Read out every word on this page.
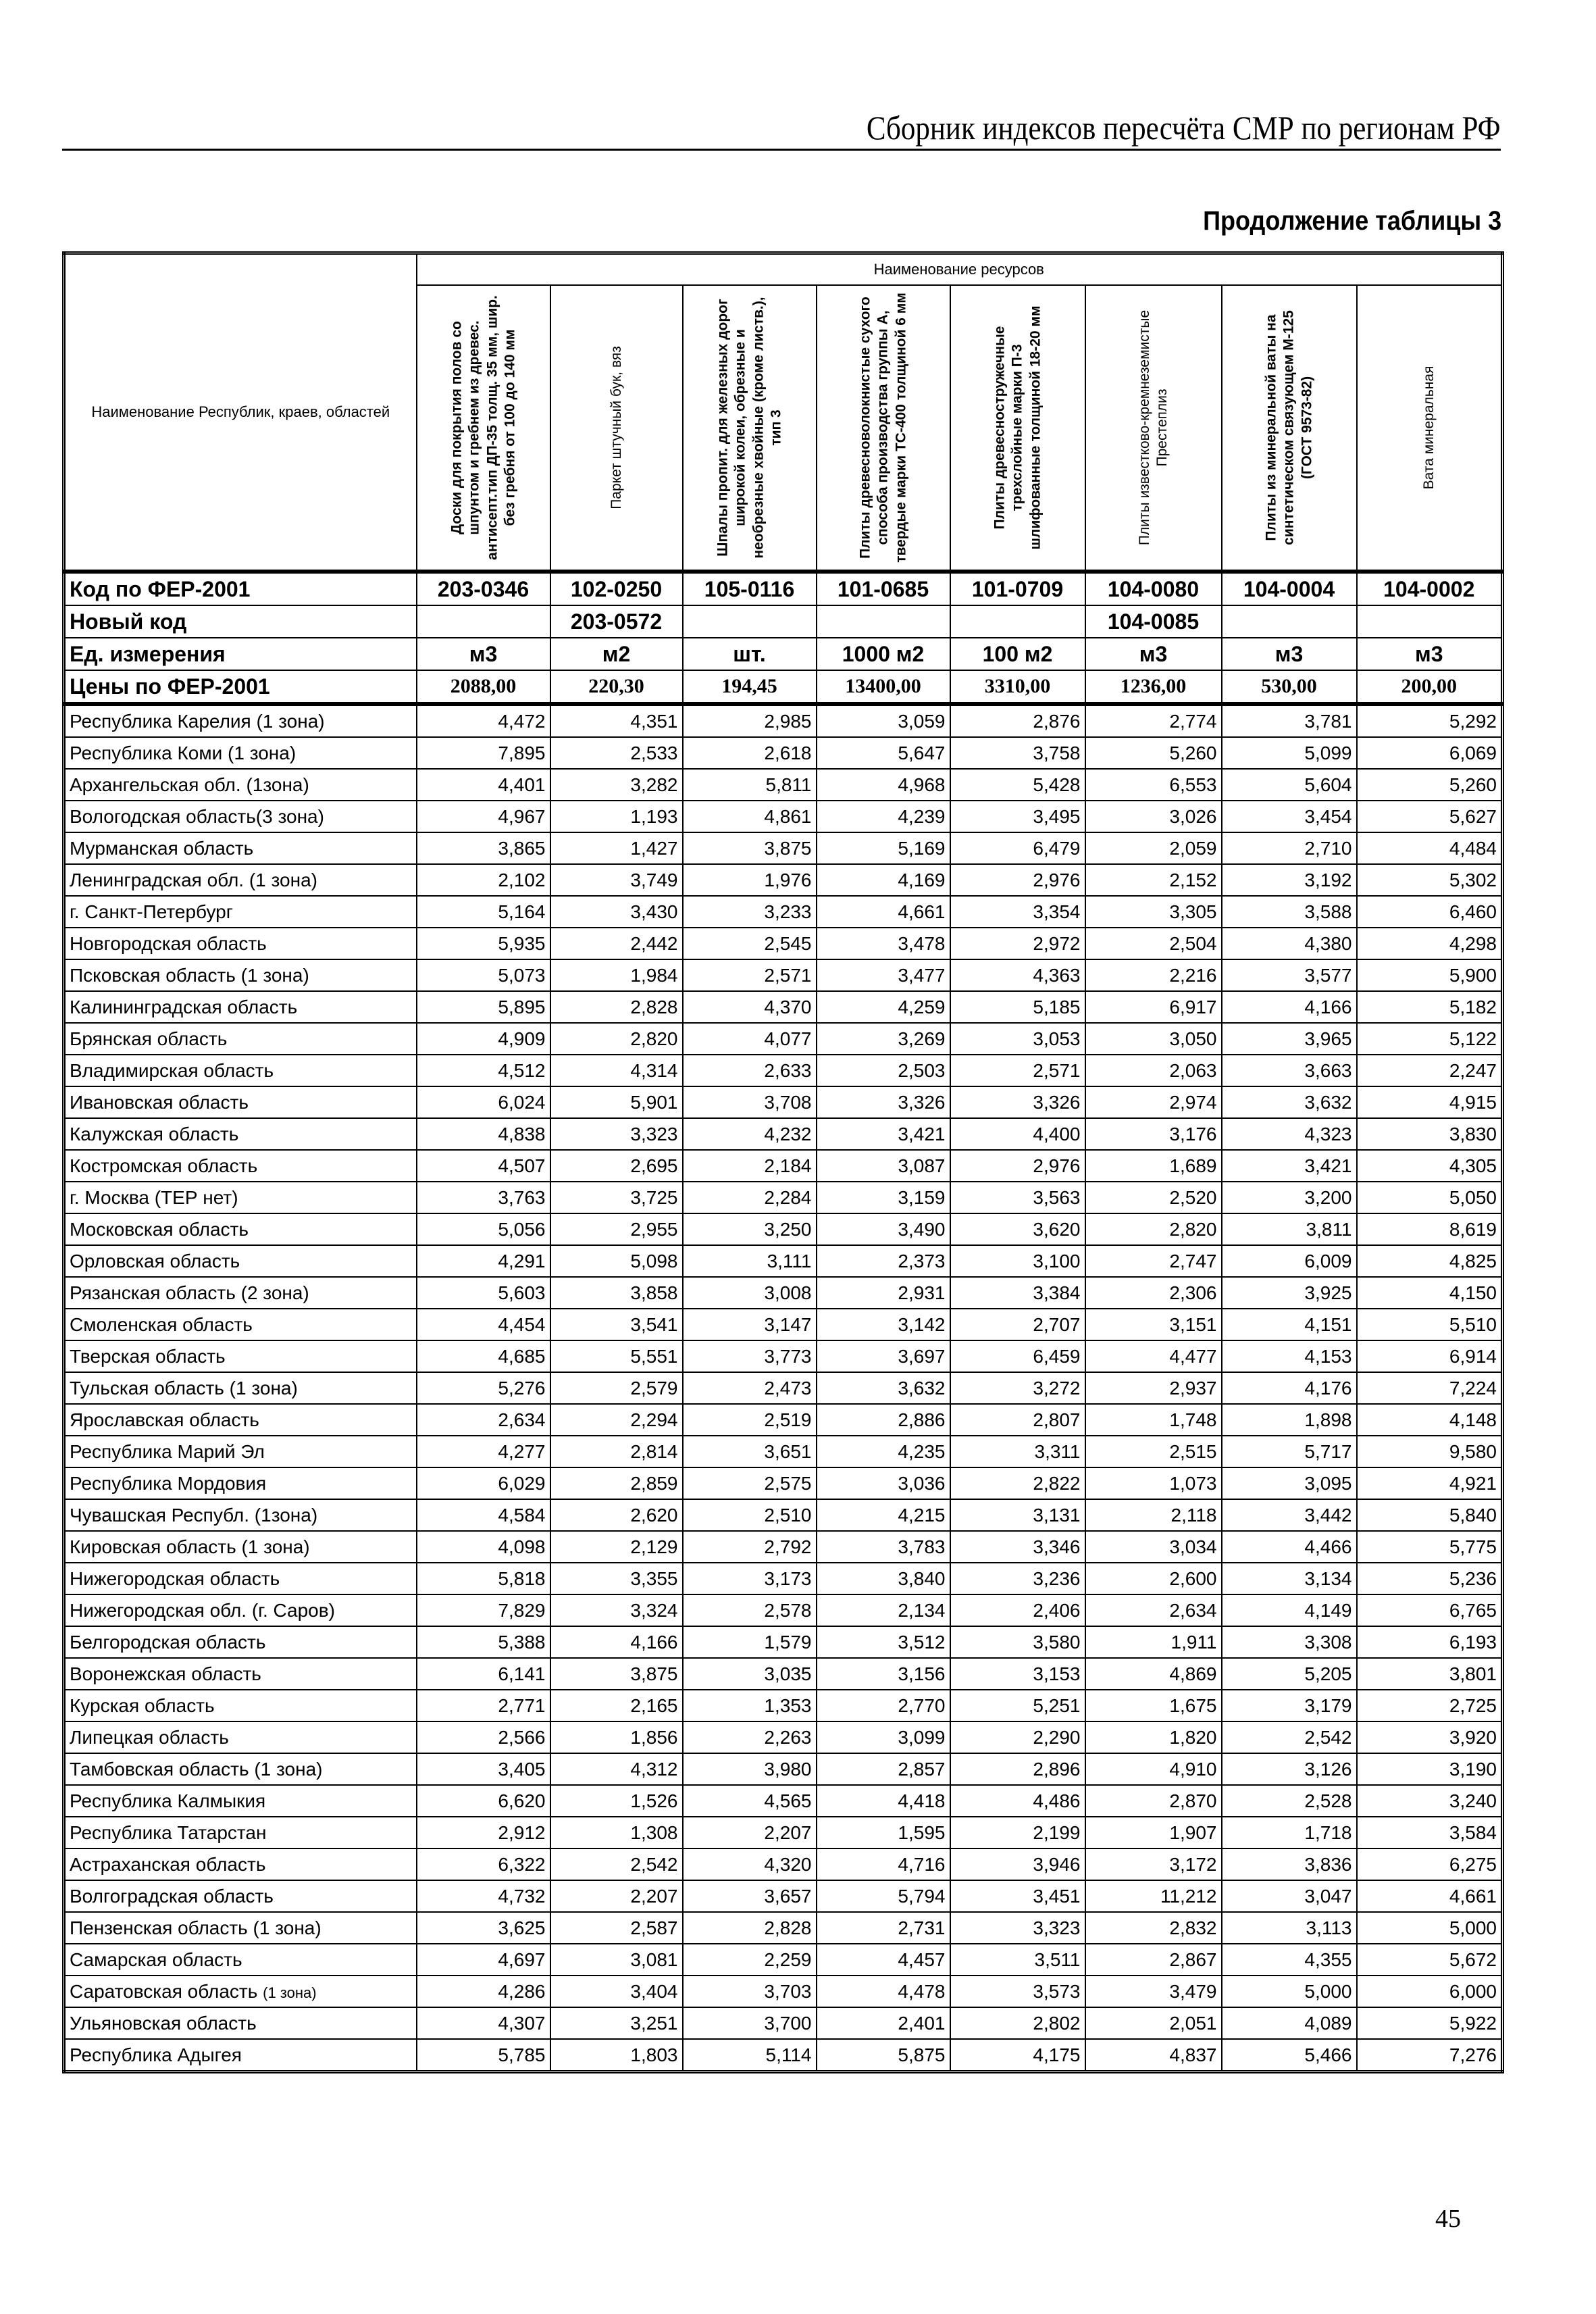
Сборник индексов пересчёта СМР по регионам РФ
Продолжение таблицы 3
Наименование Республик, краев, областей	Наименование ресурсов							

	Доски для покрытия полов со шпунтом и гребнем из древес. антисепт.тип ДП-35 толщ. 35 мм, шир. без гребня от 100 до 140 мм	Паркет штучный бук, вяз	Шпалы пропит. для железных дорог широкой колеи, обрезные и необрезные хвойные (кроме листв.), тип 3	Плиты древесноволокнистые сухого способа производства группы А, твердые марки ТС-400 толщиной 6 мм	Плиты древесностружечные трехслойные марки П-3 шлифованные толщиной 18-20 мм	Плиты известково-кремнеземистые Престеплиз	Плиты из минеральной ваты на синтетическом связующем М-125 (ГОСТ 9573-82)	Вата минеральная

Код по ФЕР-2001	203-0346	102-0250	105-0116	101-0685	101-0709	104-0080	104-0004	104-0002
Новый код		203-0572				104-0085		
Ед. измерения	м3	м2	шт.	1000 м2	100 м2	м3	м3	м3
Цены по ФЕР-2001	2088,00	220,30	194,45	13400,00	3310,00	1236,00	530,00	200,00
Республика Карелия (1 зона)	4,472	4,351	2,985	3,059	2,876	2,774	3,781	5,292
Республика Коми (1 зона)	7,895	2,533	2,618	5,647	3,758	5,260	5,099	6,069
Архангельская обл. (1зона)	4,401	3,282	5,811	4,968	5,428	6,553	5,604	5,260
Вологодская область(3 зона)	4,967	1,193	4,861	4,239	3,495	3,026	3,454	5,627
Мурманская область	3,865	1,427	3,875	5,169	6,479	2,059	2,710	4,484
Ленинградская обл. (1 зона)	2,102	3,749	1,976	4,169	2,976	2,152	3,192	5,302
г. Санкт-Петербург	5,164	3,430	3,233	4,661	3,354	3,305	3,588	6,460
Новгородская область	5,935	2,442	2,545	3,478	2,972	2,504	4,380	4,298
Псковская область (1 зона)	5,073	1,984	2,571	3,477	4,363	2,216	3,577	5,900
Калининградская область	5,895	2,828	4,370	4,259	5,185	6,917	4,166	5,182
Брянская область	4,909	2,820	4,077	3,269	3,053	3,050	3,965	5,122
Владимирская область	4,512	4,314	2,633	2,503	2,571	2,063	3,663	2,247
Ивановская область	6,024	5,901	3,708	3,326	3,326	2,974	3,632	4,915
Калужская область	4,838	3,323	4,232	3,421	4,400	3,176	4,323	3,830
Костромская область	4,507	2,695	2,184	3,087	2,976	1,689	3,421	4,305
г. Москва (ТЕР нет)	3,763	3,725	2,284	3,159	3,563	2,520	3,200	5,050
Московская область	5,056	2,955	3,250	3,490	3,620	2,820	3,811	8,619
Орловская область	4,291	5,098	3,111	2,373	3,100	2,747	6,009	4,825
Рязанская область (2 зона)	5,603	3,858	3,008	2,931	3,384	2,306	3,925	4,150
Смоленская область	4,454	3,541	3,147	3,142	2,707	3,151	4,151	5,510
Тверская область	4,685	5,551	3,773	3,697	6,459	4,477	4,153	6,914
Тульская область (1 зона)	5,276	2,579	2,473	3,632	3,272	2,937	4,176	7,224
Ярославская область	2,634	2,294	2,519	2,886	2,807	1,748	1,898	4,148
Республика Марий Эл	4,277	2,814	3,651	4,235	3,311	2,515	5,717	9,580
Республика Мордовия	6,029	2,859	2,575	3,036	2,822	1,073	3,095	4,921
Чувашская Республ. (1зона)	4,584	2,620	2,510	4,215	3,131	2,118	3,442	5,840
Кировская область (1 зона)	4,098	2,129	2,792	3,783	3,346	3,034	4,466	5,775
Нижегородская область	5,818	3,355	3,173	3,840	3,236	2,600	3,134	5,236
Нижегородская обл. (г. Саров)	7,829	3,324	2,578	2,134	2,406	2,634	4,149	6,765
Белгородская область	5,388	4,166	1,579	3,512	3,580	1,911	3,308	6,193
Воронежская область	6,141	3,875	3,035	3,156	3,153	4,869	5,205	3,801
Курская область	2,771	2,165	1,353	2,770	5,251	1,675	3,179	2,725
Липецкая область	2,566	1,856	2,263	3,099	2,290	1,820	2,542	3,920
Тамбовская область (1 зона)	3,405	4,312	3,980	2,857	2,896	4,910	3,126	3,190
Республика Калмыкия	6,620	1,526	4,565	4,418	4,486	2,870	2,528	3,240
Республика Татарстан	2,912	1,308	2,207	1,595	2,199	1,907	1,718	3,584
Астраханская область	6,322	2,542	4,320	4,716	3,946	3,172	3,836	6,275
Волгоградская область	4,732	2,207	3,657	5,794	3,451	11,212	3,047	4,661
Пензенская область (1 зона)	3,625	2,587	2,828	2,731	3,323	2,832	3,113	5,000
Самарская область	4,697	3,081	2,259	4,457	3,511	2,867	4,355	5,672
Саратовская область (1 зона)	4,286	3,404	3,703	4,478	3,573	3,479	5,000	6,000
Ульяновская область	4,307	3,251	3,700	2,401	2,802	2,051	4,089	5,922
Республика Адыгея	5,785	1,803	5,114	5,875	4,175	4,837	5,466	7,276
45
